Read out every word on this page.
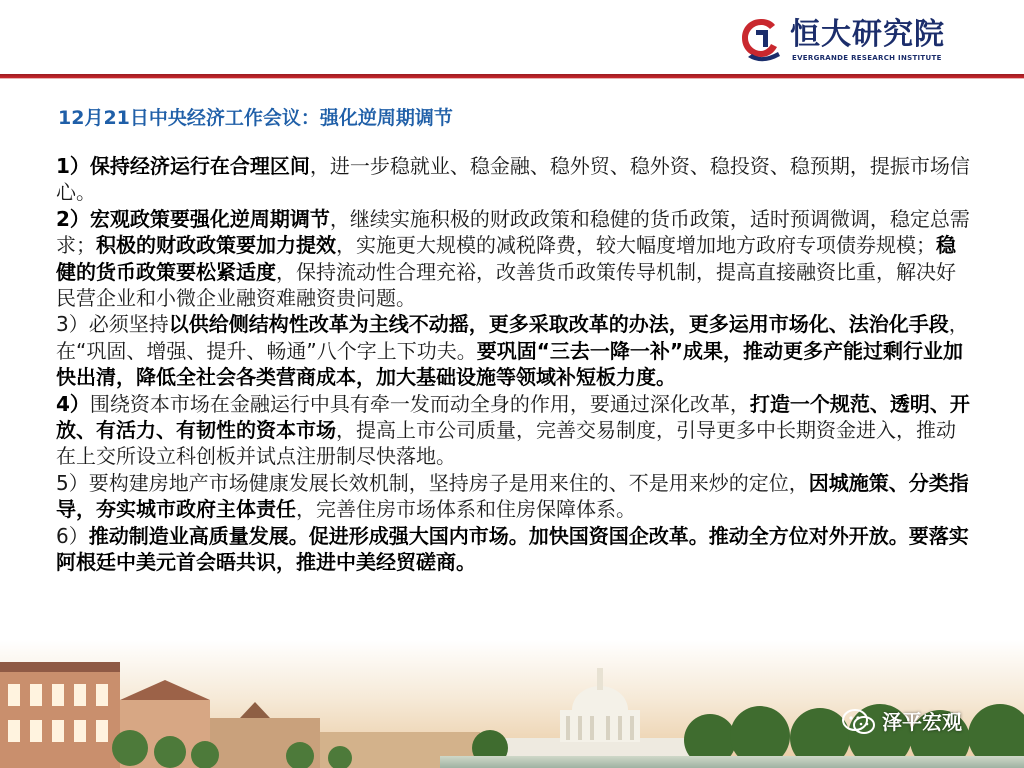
恒大研究院
EVERGRANDE RESEARCH INSTITUTE
12月21日中央经济工作会议：强化逆周期调节

1）保持经济运行在合理区间，进一步稳就业、稳金融、稳外贸、稳外资、稳投资、稳预期，提振市场信心。

2）宏观政策要强化逆周期调节，继续实施积极的财政政策和稳健的货币政策，适时预调微调，稳定总需求；积极的财政政策要加力提效，实施更大规模的减税降费，较大幅度增加地方政府专项债券规模；稳健的货币政策要松紧适度，保持流动性合理充裕，改善货币政策传导机制，提高直接融资比重，解决好民营企业和小微企业融资难融资贵问题。

3）必须坚持以供给侧结构性改革为主线不动摇，更多采取改革的办法，更多运用市场化、法治化手段，在“巩固、增强、提升、畅通”八个字上下功夫。要巩固“三去一降一补”成果，推动更多产能过剩行业加快出清，降低全社会各类营商成本，加大基础设施等领域补短板力度。

4）围绕资本市场在金融运行中具有牵一发而动全身的作用，要通过深化改革，打造一个规范、透明、开放、有活力、有韧性的资本市场，提高上市公司质量，完善交易制度，引导更多中长期资金进入，推动在上交所设立科创板并试点注册制尽快落地。

5）要构建房地产市场健康发展长效机制，坚持房子是用来住的、不是用来炒的定位，因城施策、分类指导，夯实城市政府主体责任，完善住房市场体系和住房保障体系。

6）推动制造业高质量发展。促进形成强大国内市场。加快国资国企改革。推动全方位对外开放。要落实阿根廷中美元首会晤共识，推进中美经贸磋商。

泽平宏观
